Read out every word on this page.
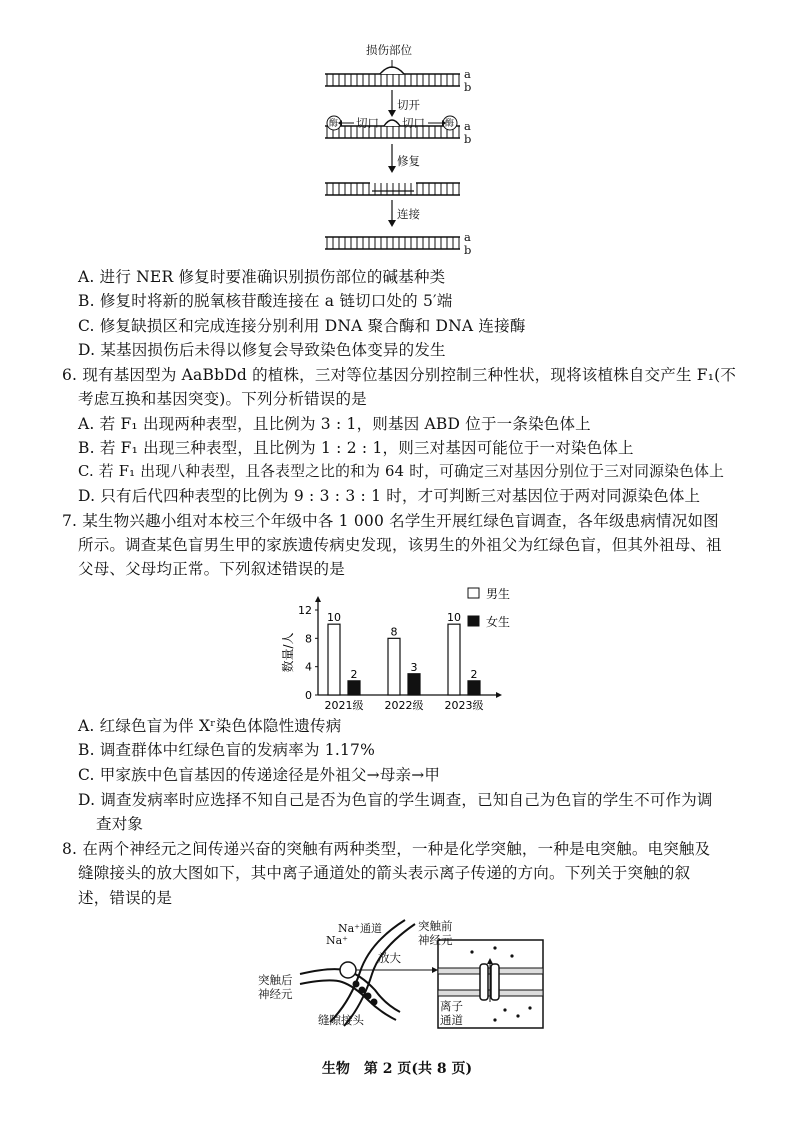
损伤部位
a
b
切开
酶	酶
切口 切口	a
b
修复
连接
a
b
A. 进行 NER 修复时要准确识别损伤部位的碱基种类
B. 修复时将新的脱氧核苷酸连接在 a 链切口处的 5′端
C. 修复缺损区和完成连接分别利用 DNA 聚合酶和 DNA 连接酶
D. 某基因损伤后未得以修复会导致染色体变异的发生
6. 现有基因型为 AaBbDd 的植株，三对等位基因分别控制三种性状，现将该植株自交产生 F₁(不
考虑互换和基因突变)。下列分析错误的是
A. 若 F₁ 出现两种表型，且比例为 3 : 1，则基因 ABD 位于一条染色体上
B. 若 F₁ 出现三种表型，且比例为 1 : 2 : 1，则三对基因可能位于一对染色体上
C. 若 F₁ 出现八种表型，且各表型之比的和为 64 时，可确定三对基因分别位于三对同源染色体上
D. 只有后代四种表型的比例为 9 : 3 : 3 : 1 时，才可判断三对基因位于两对同源染色体上
7. 某生物兴趣小组对本校三个年级中各 1 000 名学生开展红绿色盲调查，各年级患病情况如图
所示。调查某色盲男生甲的家族遗传病史发现，该男生的外祖父为红绿色盲，但其外祖母、祖
父母、父母均正常。下列叙述错误的是
0
4
8
12
数量/人
10
2
2021级
8
3
2022级
10
2
2023级
男生
女生
A. 红绿色盲为伴 Xʳ染色体隐性遗传病
B. 调查群体中红绿色盲的发病率为 1.17%
C. 甲家族中色盲基因的传递途径是外祖父→母亲→甲
D. 调查发病率时应选择不知自己是否为色盲的学生调查，已知自己为色盲的学生不可作为调
查对象
8. 在两个神经元之间传递兴奋的突触有两种类型，一种是化学突触，一种是电突触。电突触及
缝隙接头的放大图如下，其中离子通道处的箭头表示离子传递的方向。下列关于突触的叙
述，错误的是
Na⁺通道
Na⁺
突触前
神经元
突触后
神经元
放大
缝隙接头
离子
通道
生物　第 2 页(共 8 页)
